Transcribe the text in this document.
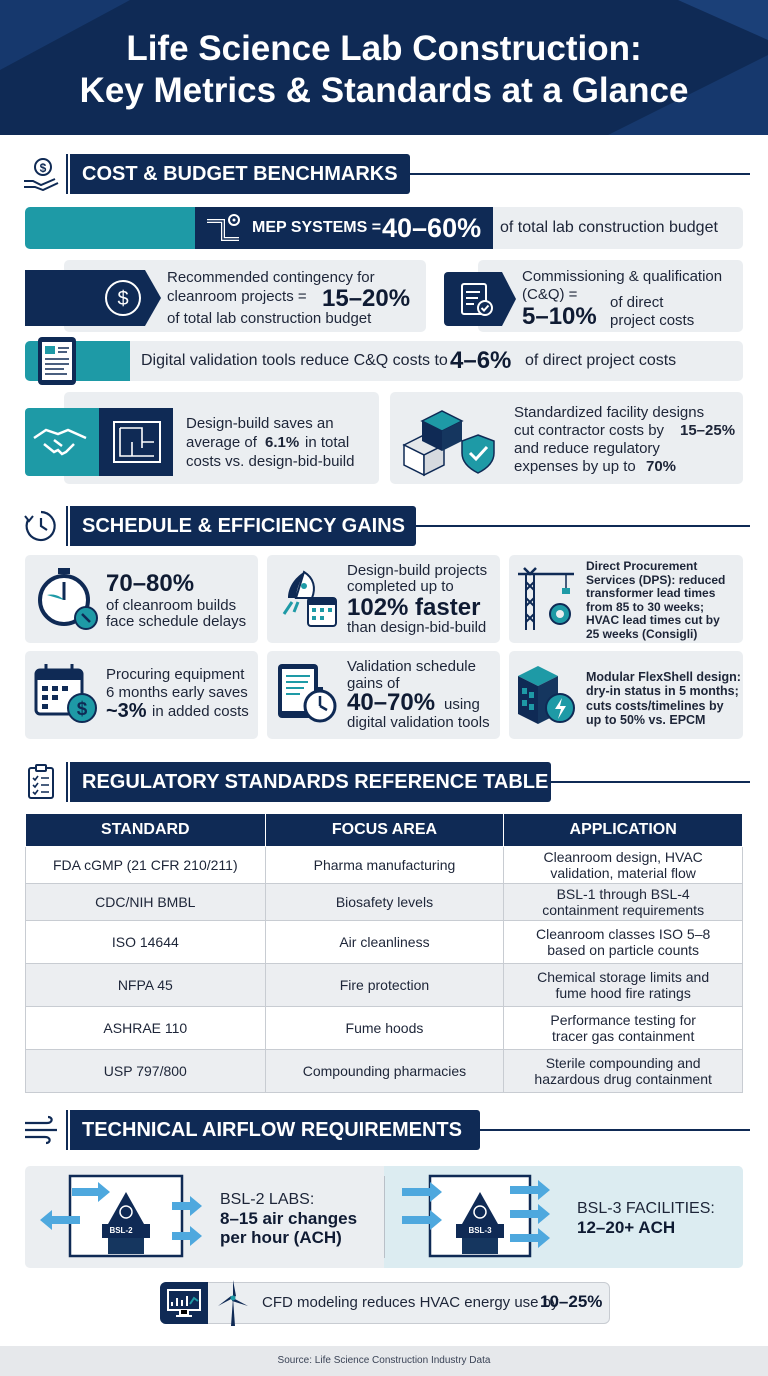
Life Science Lab Construction:
Key Metrics & Standards at a Glance
$	COST & BUDGET BENCHMARKS
MEP SYSTEMS = 40–60% of total lab construction budget
$
Recommended contingency for
cleanroom projects = 15–20%
of total lab construction budget
Commissioning & qualification
(C&Q) =
5–10%
of direct
project costs
Digital validation tools reduce C&Q costs to 4–6% of direct project costs
Design-build saves an
average of 6.1% in total
costs vs. design-bid-build
Standardized facility designs
cut contractor costs by 15–25%
and reduce regulatory
expenses by up to 70%
SCHEDULE & EFFICIENCY GAINS
70–80%
of cleanroom builds
face schedule delays
Design-build projects
completed up to
102% faster
than design-bid-build
Direct Procurement
Services (DPS): reduced
transformer lead times
from 85 to 30 weeks;
HVAC lead times cut by
25 weeks (Consigli)
$
Procuring equipment
6 months early saves
~3% in added costs
Validation schedule
gains of
40–70% using
digital validation tools
Modular FlexShell design:
dry-in status in 5 months;
cuts costs/timelines by
up to 50% vs. EPCM
REGULATORY STANDARDS REFERENCE TABLE
STANDARD	FOCUS AREA	APPLICATION
FDA cGMP (21 CFR 210/211)	Pharma manufacturing	Cleanroom design, HVAC
validation, material flow

CDC/NIH BMBL	Biosafety levels	BSL-1 through BSL-4
containment requirements

ISO 14644	Air cleanliness	Cleanroom classes ISO 5–8
based on particle counts

NFPA 45	Fire protection	Chemical storage limits and
fume hood fire ratings

ASHRAE 110	Fume hoods	Performance testing for
tracer gas containment

USP 797/800	Compounding pharmacies	Sterile compounding and
hazardous drug containment
TECHNICAL AIRFLOW REQUIREMENTS
BSL-2
BSL-2 LABS:
8–15 air changes
per hour (ACH)	BSL-3
BSL-3 FACILITIES:
12–20+ ACH
CFD modeling reduces HVAC energy use by
10–25%
Source: Life Science Construction Industry Data
